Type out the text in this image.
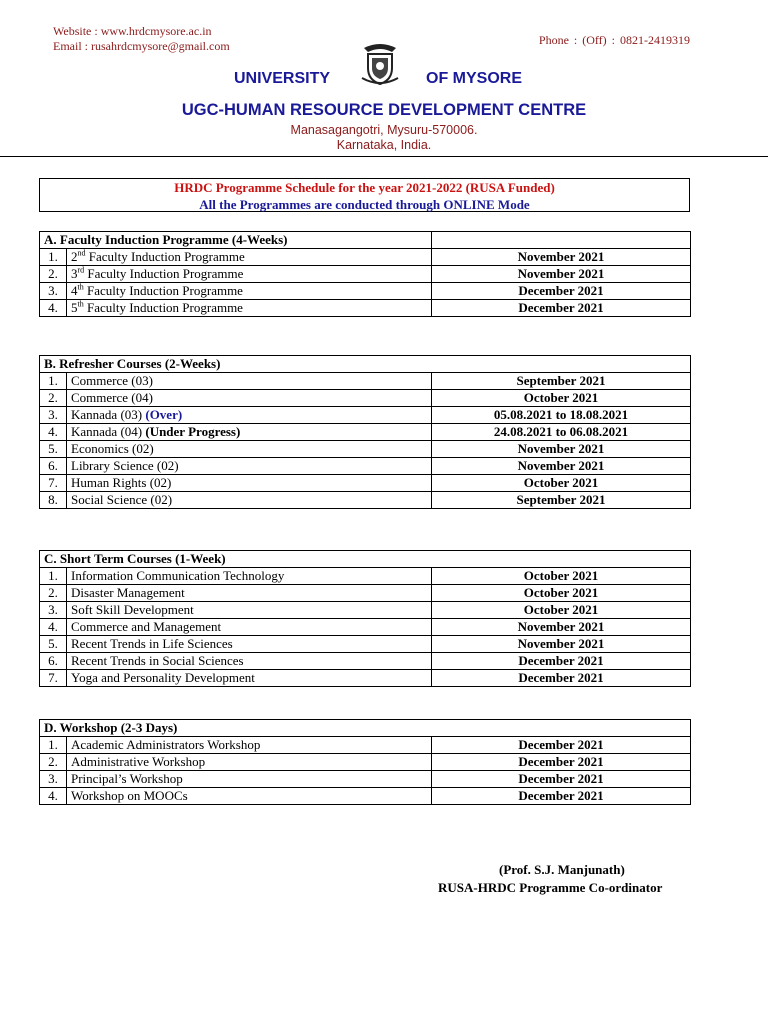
Website : www.hrdcmysore.ac.in
Email : rusahrdcmysore@gmail.com	Phone : (Off) : 0821-2419319
UNIVERSITY	OF MYSORE
UGC-HUMAN RESOURCE DEVELOPMENT CENTRE
Manasagangotri, Mysuru-570006.
Karnataka, India.
HRDC Programme Schedule for the year 2021-2022 (RUSA Funded)
All the Programmes are conducted through ONLINE Mode
A. Faculty Induction Programme (4-Weeks)		
1.	2nd Faculty Induction Programme	November 2021
2.	3rd Faculty Induction Programme	November 2021
3.	4th Faculty Induction Programme	December 2021
4.	5th Faculty Induction Programme	December 2021
B. Refresher Courses (2-Weeks)		
1.	Commerce (03)	September 2021
2.	Commerce (04)	October 2021
3.	Kannada (03) (Over)	05.08.2021 to 18.08.2021
4.	Kannada (04) (Under Progress)	24.08.2021 to 06.08.2021
5.	Economics (02)	November 2021
6.	Library Science (02)	November 2021
7.	Human Rights (02)	October 2021
8.	Social Science (02)	September 2021
C. Short Term Courses (1-Week)		
1.	Information Communication Technology	October 2021
2.	Disaster Management	October 2021
3.	Soft Skill Development	October 2021
4.	Commerce and Management	November 2021
5.	Recent Trends in Life Sciences	November 2021
6.	Recent Trends in Social Sciences	December 2021
7.	Yoga and Personality Development	December 2021
D. Workshop (2-3 Days)		
1.	Academic Administrators Workshop	December 2021
2.	Administrative Workshop	December 2021
3.	Principal’s Workshop	December 2021
4.	Workshop on MOOCs	December 2021
(Prof. S.J. Manjunath)
RUSA-HRDC Programme Co-ordinator
